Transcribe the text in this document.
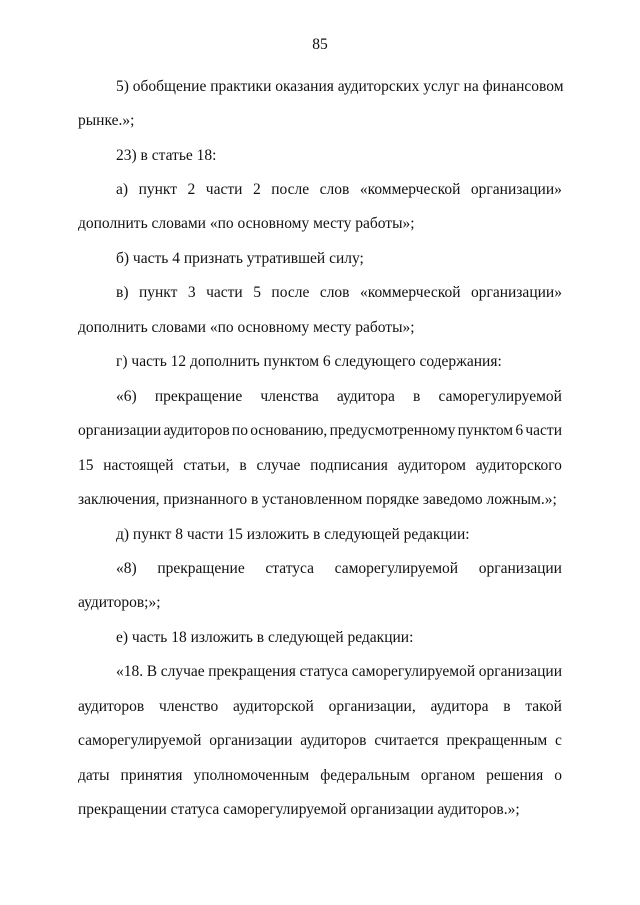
85
5) обобщение практики оказания аудиторских услуг на финансовом
рынке.»;
23) в статье 18:
а) пункт 2 части 2 после слов «коммерческой организации»
дополнить словами «по основному месту работы»;
б) часть 4 признать утратившей силу;
в) пункт 3 части 5 после слов «коммерческой организации»
дополнить словами «по основному месту работы»;
г) часть 12 дополнить пунктом 6 следующего содержания:
«6) прекращение членства аудитора в саморегулируемой
организации аудиторов по основанию, предусмотренному пунктом 6 части
15 настоящей статьи, в случае подписания аудитором аудиторского
заключения, признанного в установленном порядке заведомо ложным.»;
д) пункт 8 части 15 изложить в следующей редакции:
«8) прекращение статуса саморегулируемой организации
аудиторов;»;
е) часть 18 изложить в следующей редакции:
«18. В случае прекращения статуса саморегулируемой организации
аудиторов членство аудиторской организации, аудитора в такой
саморегулируемой организации аудиторов считается прекращенным с
даты принятия уполномоченным федеральным органом решения о
прекращении статуса саморегулируемой организации аудиторов.»;
